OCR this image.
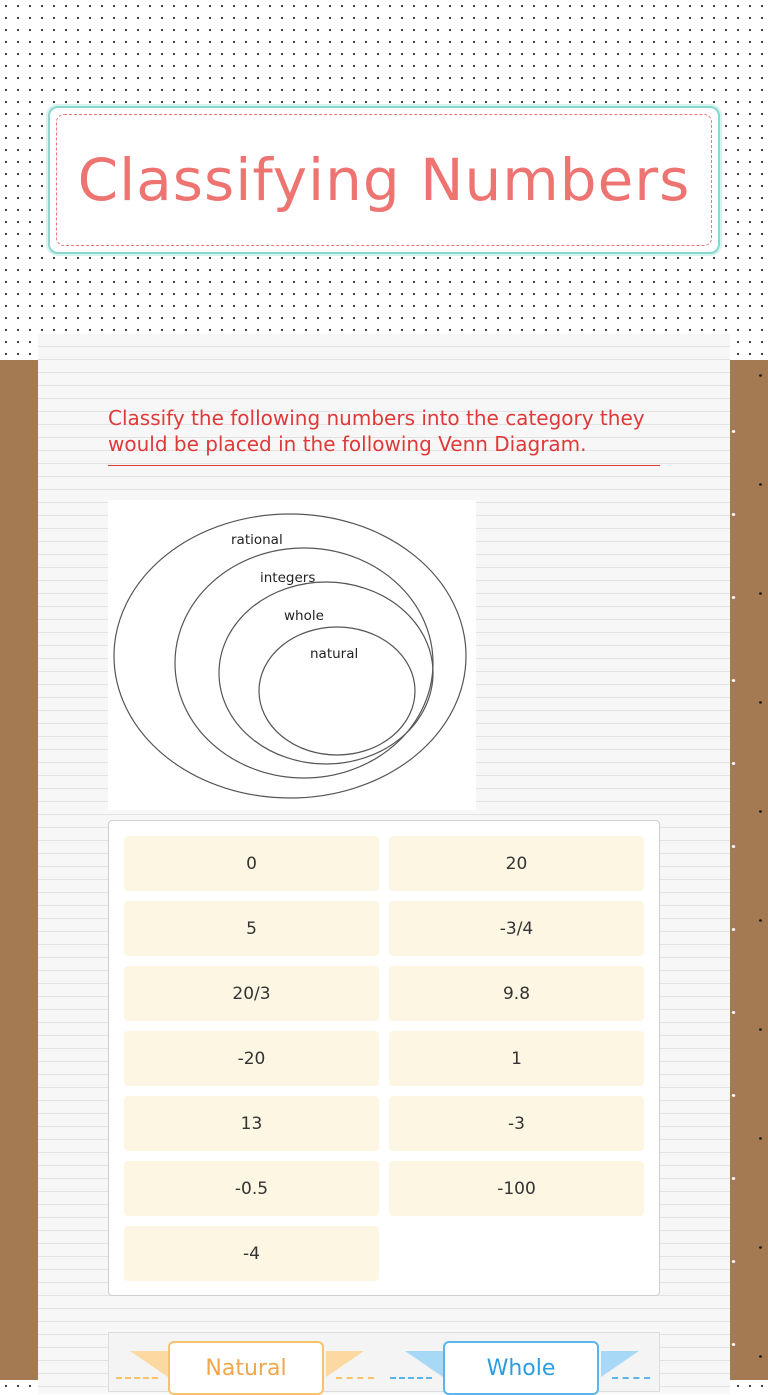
Classifying Numbers
Classify the following numbers into the category they would be placed in the following Venn Diagram.
rational
integers
whole
natural
0	20
5	-3/4
20/3	9.8
-20	1
13	-3
-0.5	-100
-4
Natural	Whole
